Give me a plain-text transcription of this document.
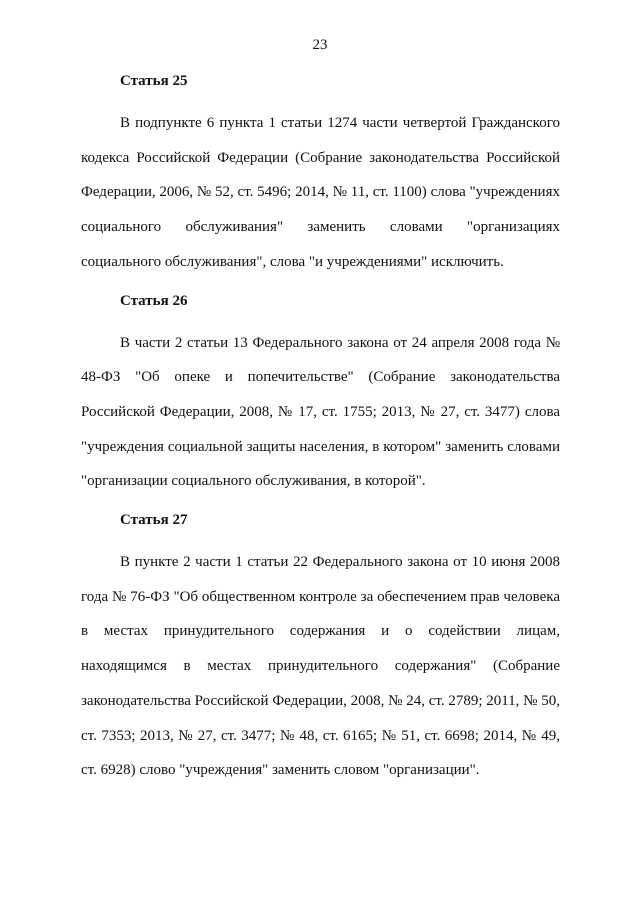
23

Статья 25

В подпункте 6 пункта 1 статьи 1274 части четвертой Гражданского кодекса Российской Федерации (Собрание законодательства Российской Федерации, 2006, № 52, ст. 5496; 2014, № 11, ст. 1100) слова "учреждениях социального обслуживания" заменить словами "организациях социального обслуживания", слова "и учреждениями" исключить.

Статья 26

В части 2 статьи 13 Федерального закона от 24 апреля 2008 года № 48-ФЗ "Об опеке и попечительстве" (Собрание законодательства Российской Федерации, 2008, № 17, ст. 1755; 2013, № 27, ст. 3477) слова "учреждения социальной защиты населения, в котором" заменить словами "организации социального обслуживания, в которой".

Статья 27

В пункте 2 части 1 статьи 22 Федерального закона от 10 июня 2008 года № 76-ФЗ "Об общественном контроле за обеспечением прав человека в местах принудительного содержания и о содействии лицам, находящимся в местах принудительного содержания" (Собрание законодательства Российской Федерации, 2008, № 24, ст. 2789; 2011, № 50, ст. 7353; 2013, № 27, ст. 3477; № 48, ст. 6165; № 51, ст. 6698; 2014, № 49, ст. 6928) слово "учреждения" заменить словом "организации".
